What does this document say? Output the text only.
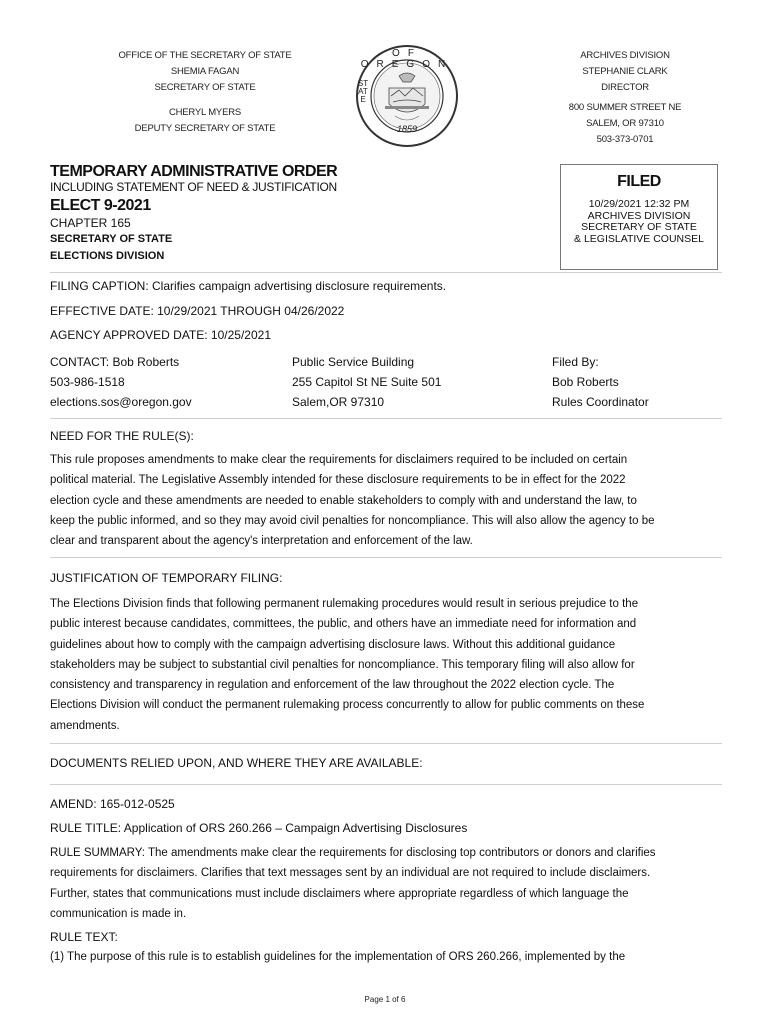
OFFICE OF THE SECRETARY OF STATE
SHEMIA FAGAN
SECRETARY OF STATE
CHERYL MYERS
DEPUTY SECRETARY OF STATE
OF OREGON
STATE
1859
ARCHIVES DIVISION
STEPHANIE CLARK
DIRECTOR
800 SUMMER STREET NE
SALEM, OR 97310
503-373-0701
TEMPORARY ADMINISTRATIVE ORDER
INCLUDING STATEMENT OF NEED & JUSTIFICATION
ELECT 9-2021
CHAPTER 165
SECRETARY OF STATE
ELECTIONS DIVISION
FILED
10/29/2021 12:32 PM
ARCHIVES DIVISION
SECRETARY OF STATE
& LEGISLATIVE COUNSEL
FILING CAPTION: Clarifies campaign advertising disclosure requirements.
EFFECTIVE DATE: 10/29/2021 THROUGH 04/26/2022
AGENCY APPROVED DATE: 10/25/2021
CONTACT: Bob Roberts
503-986-1518
elections.sos@oregon.gov
Public Service Building
255 Capitol St NE Suite 501
Salem,OR 97310
Filed By:
Bob Roberts
Rules Coordinator
NEED FOR THE RULE(S):
This rule proposes amendments to make clear the requirements for disclaimers required to be included on certain
political material. The Legislative Assembly intended for these disclosure requirements to be in effect for the 2022
election cycle and these amendments are needed to enable stakeholders to comply with and understand the law, to
keep the public informed, and so they may avoid civil penalties for noncompliance. This will also allow the agency to be
clear and transparent about the agency's interpretation and enforcement of the law.
JUSTIFICATION OF TEMPORARY FILING:
The Elections Division finds that following permanent rulemaking procedures would result in serious prejudice to the
public interest because candidates, committees, the public, and others have an immediate need for information and
guidelines about how to comply with the campaign advertising disclosure laws. Without this additional guidance
stakeholders may be subject to substantial civil penalties for noncompliance. This temporary filing will also allow for
consistency and transparency in regulation and enforcement of the law throughout the 2022 election cycle. The
Elections Division will conduct the permanent rulemaking process concurrently to allow for public comments on these
amendments.
DOCUMENTS RELIED UPON, AND WHERE THEY ARE AVAILABLE:
AMEND: 165-012-0525
RULE TITLE: Application of ORS 260.266 – Campaign Advertising Disclosures
RULE SUMMARY: The amendments make clear the requirements for disclosing top contributors or donors and clarifies
requirements for disclaimers. Clarifies that text messages sent by an individual are not required to include disclaimers.
Further, states that communications must include disclaimers where appropriate regardless of which language the
communication is made in.
RULE TEXT:
(1) The purpose of this rule is to establish guidelines for the implementation of ORS 260.266, implemented by the
Page 1 of 6
